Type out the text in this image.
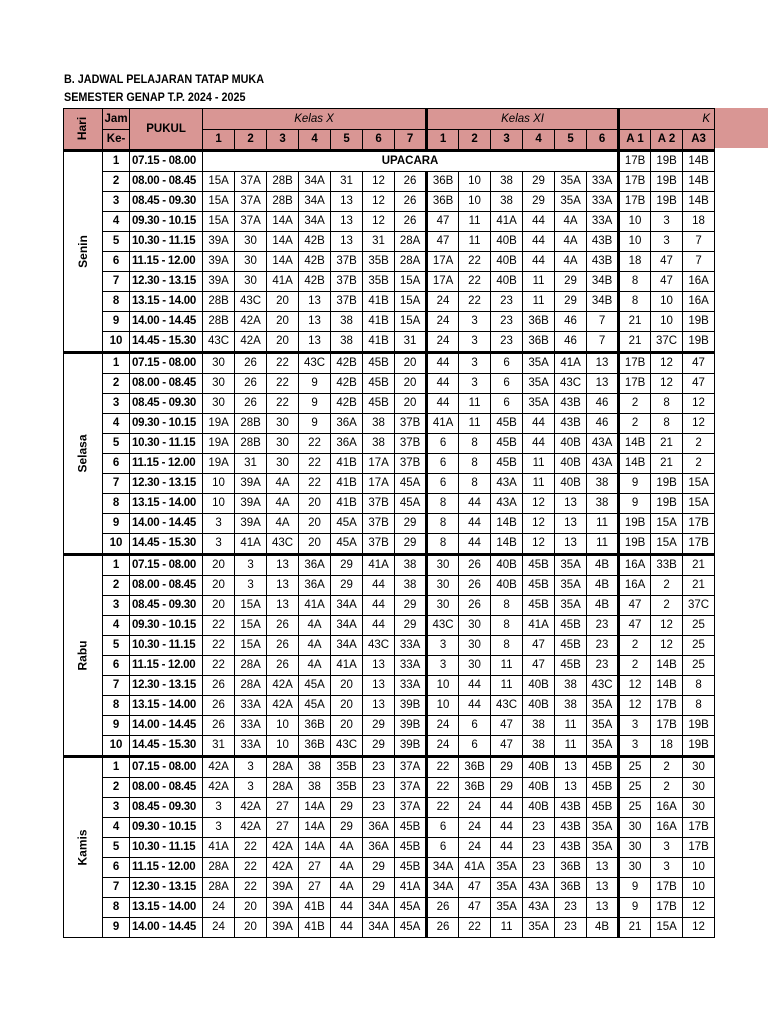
B. JADWAL PELAJARAN TATAP MUKA
SEMESTER GENAP T.P. 2024 - 2025
Hari	Jam	PUKUL	Kelas X							Kelas XI						K		
	Ke-		1	2	3	4	5	6	7	1	2	3	4	5	6	A 1	A 2	A3
Senin	1	07.15 - 08.00	UPACARA													17B	19B	14B
	2	08.00 - 08.45	15A	37A	28B	34A	31	12	26	36B	10	38	29	35A	33A	17B	19B	14B
	3	08.45 - 09.30	15A	37A	28B	34A	13	12	26	36B	10	38	29	35A	33A	17B	19B	14B
	4	09.30 - 10.15	15A	37A	14A	34A	13	12	26	47	11	41A	44	4A	33A	10	3	18
	5	10.30 - 11.15	39A	30	14A	42B	13	31	28A	47	11	40B	44	4A	43B	10	3	7
	6	11.15 - 12.00	39A	30	14A	42B	37B	35B	28A	17A	22	40B	44	4A	43B	18	47	7
	7	12.30 - 13.15	39A	30	41A	42B	37B	35B	15A	17A	22	40B	11	29	34B	8	47	16A
	8	13.15 - 14.00	28B	43C	20	13	37B	41B	15A	24	22	23	11	29	34B	8	10	16A
	9	14.00 - 14.45	28B	42A	20	13	38	41B	15A	24	3	23	36B	46	7	21	10	19B
	10	14.45 - 15.30	43C	42A	20	13	38	41B	31	24	3	23	36B	46	7	21	37C	19B
Selasa	1	07.15 - 08.00	30	26	22	43C	42B	45B	20	44	3	6	35A	41A	13	17B	12	47
	2	08.00 - 08.45	30	26	22	9	42B	45B	20	44	3	6	35A	43C	13	17B	12	47
	3	08.45 - 09.30	30	26	22	9	42B	45B	20	44	11	6	35A	43B	46	2	8	12
	4	09.30 - 10.15	19A	28B	30	9	36A	38	37B	41A	11	45B	44	43B	46	2	8	12
	5	10.30 - 11.15	19A	28B	30	22	36A	38	37B	6	8	45B	44	40B	43A	14B	21	2
	6	11.15 - 12.00	19A	31	30	22	41B	17A	37B	6	8	45B	11	40B	43A	14B	21	2
	7	12.30 - 13.15	10	39A	4A	22	41B	17A	45A	6	8	43A	11	40B	38	9	19B	15A
	8	13.15 - 14.00	10	39A	4A	20	41B	37B	45A	8	44	43A	12	13	38	9	19B	15A
	9	14.00 - 14.45	3	39A	4A	20	45A	37B	29	8	44	14B	12	13	11	19B	15A	17B
	10	14.45 - 15.30	3	41A	43C	20	45A	37B	29	8	44	14B	12	13	11	19B	15A	17B
Rabu	1	07.15 - 08.00	20	3	13	36A	29	41A	38	30	26	40B	45B	35A	4B	16A	33B	21
	2	08.00 - 08.45	20	3	13	36A	29	44	38	30	26	40B	45B	35A	4B	16A	2	21
	3	08.45 - 09.30	20	15A	13	41A	34A	44	29	30	26	8	45B	35A	4B	47	2	37C
	4	09.30 - 10.15	22	15A	26	4A	34A	44	29	43C	30	8	41A	45B	23	47	12	25
	5	10.30 - 11.15	22	15A	26	4A	34A	43C	33A	3	30	8	47	45B	23	2	12	25
	6	11.15 - 12.00	22	28A	26	4A	41A	13	33A	3	30	11	47	45B	23	2	14B	25
	7	12.30 - 13.15	26	28A	42A	45A	20	13	33A	10	44	11	40B	38	43C	12	14B	8
	8	13.15 - 14.00	26	33A	42A	45A	20	13	39B	10	44	43C	40B	38	35A	12	17B	8
	9	14.00 - 14.45	26	33A	10	36B	20	29	39B	24	6	47	38	11	35A	3	17B	19B
	10	14.45 - 15.30	31	33A	10	36B	43C	29	39B	24	6	47	38	11	35A	3	18	19B
Kamis	1	07.15 - 08.00	42A	3	28A	38	35B	23	37A	22	36B	29	40B	13	45B	25	2	30
	2	08.00 - 08.45	42A	3	28A	38	35B	23	37A	22	36B	29	40B	13	45B	25	2	30
	3	08.45 - 09.30	3	42A	27	14A	29	23	37A	22	24	44	40B	43B	45B	25	16A	30
	4	09.30 - 10.15	3	42A	27	14A	29	36A	45B	6	24	44	23	43B	35A	30	16A	17B
	5	10.30 - 11.15	41A	22	42A	14A	4A	36A	45B	6	24	44	23	43B	35A	30	3	17B
	6	11.15 - 12.00	28A	22	42A	27	4A	29	45B	34A	41A	35A	23	36B	13	30	3	10
	7	12.30 - 13.15	28A	22	39A	27	4A	29	41A	34A	47	35A	43A	36B	13	9	17B	10
	8	13.15 - 14.00	24	20	39A	41B	44	34A	45A	26	47	35A	43A	23	13	9	17B	12
	9	14.00 - 14.45	24	20	39A	41B	44	34A	45A	26	22	11	35A	23	4B	21	15A	12
